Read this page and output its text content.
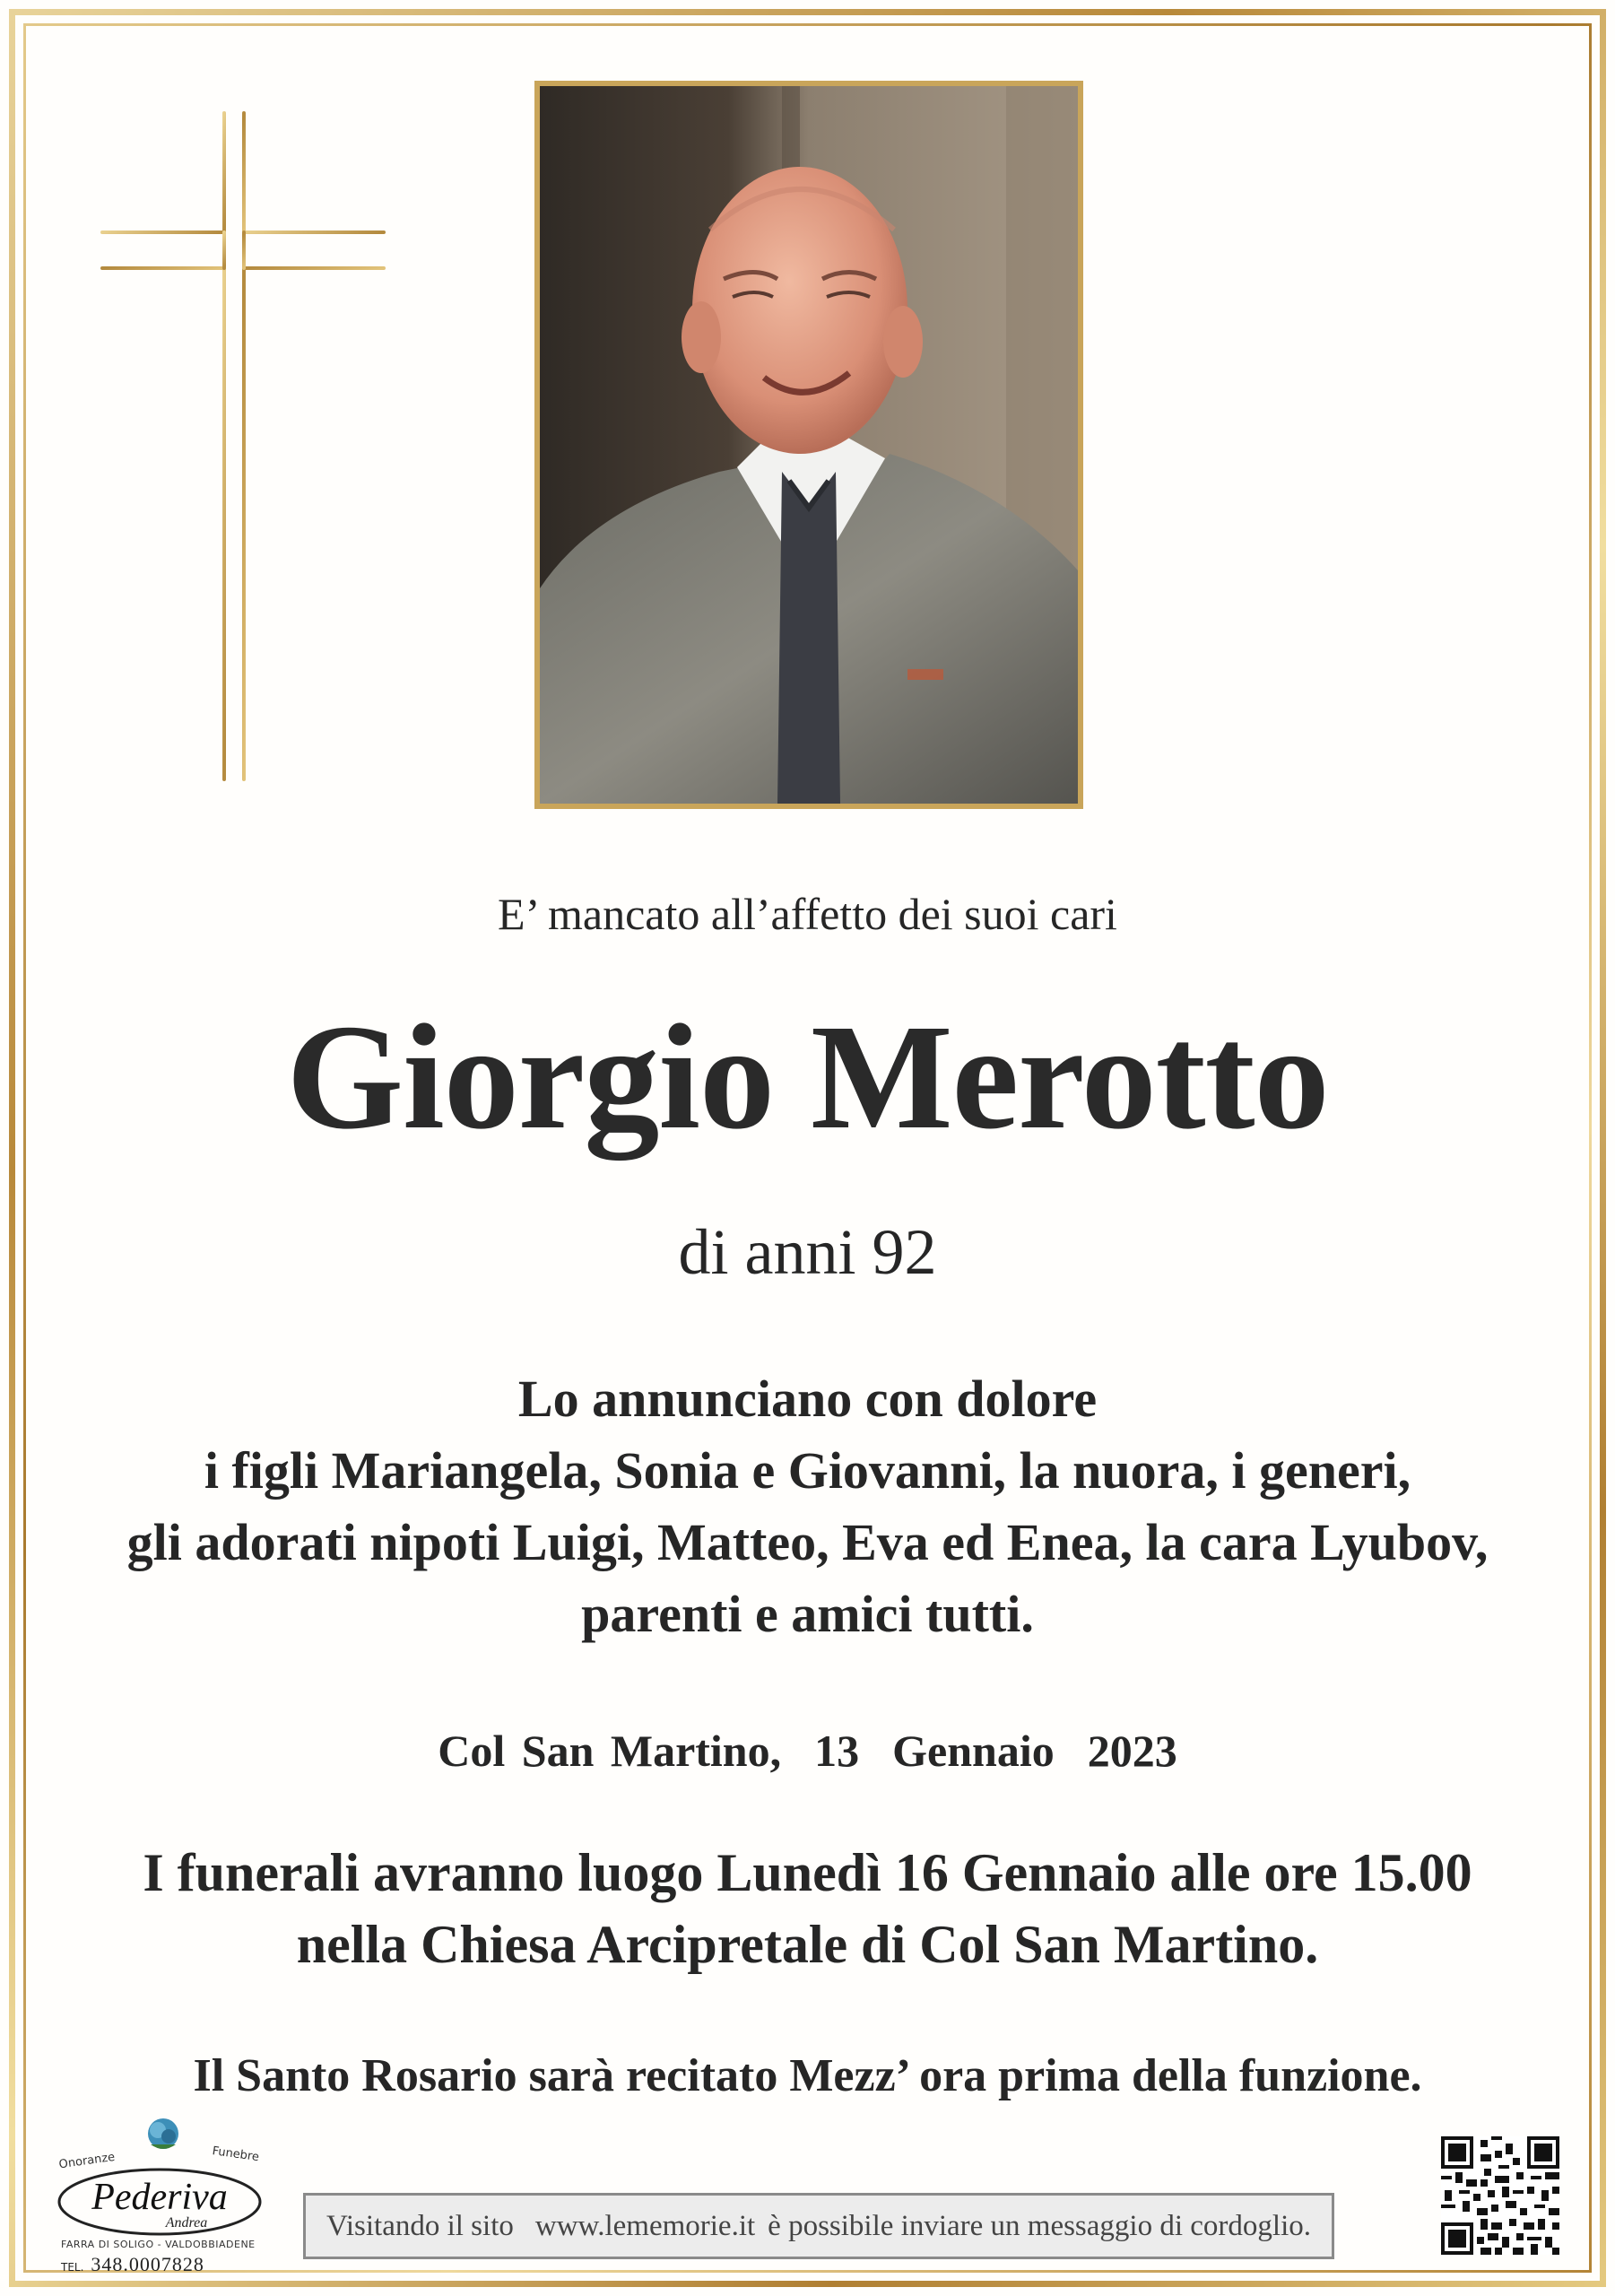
E’ mancato all’affetto dei suoi cari
Giorgio Merotto
di anni 92
Lo annunciano con dolore
i figli Mariangela, Sonia e Giovanni, la nuora, i generi,
gli adorati nipoti Luigi, Matteo, Eva ed Enea, la cara Lyubov,
parenti e amici tutti.
Col San Martino,  13  Gennaio  2023
I funerali avranno luogo Lunedì 16 Gennaio alle ore 15.00
nella Chiesa Arcipretale di Col San Martino.
Il Santo Rosario sarà recitato Mezz’ ora prima della funzione.
Onoranze	Funebre
Pederiva
Andrea
FARRA DI SOLIGO - VALDOBBIADENE
TEL. 348.0007828
Visitando il sito www.lememorie.it è possibile inviare un messaggio di cordoglio.
